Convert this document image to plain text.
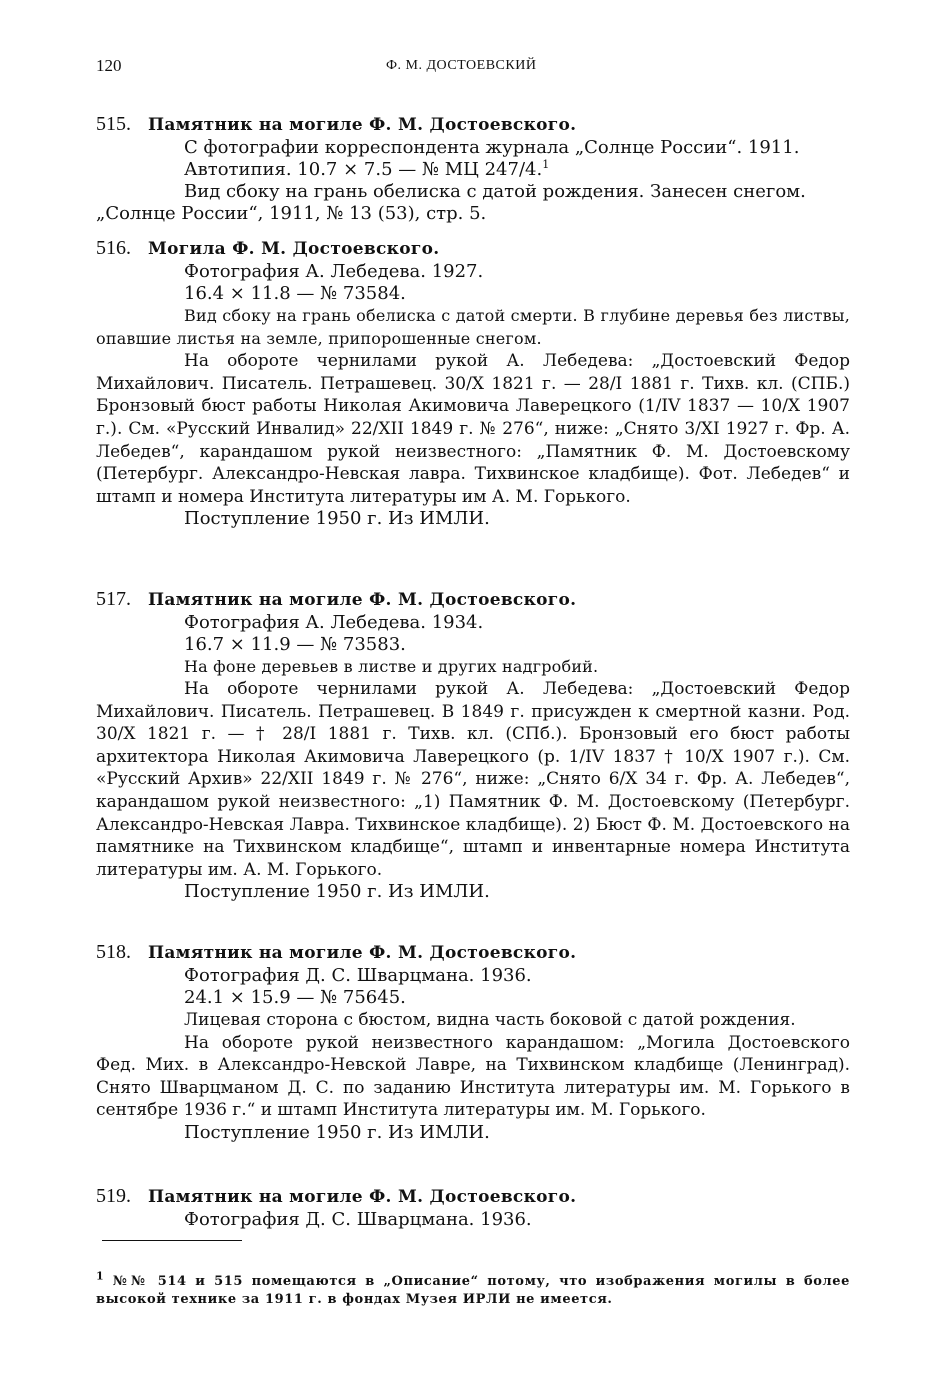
120	Ф. М. ДОСТОЕВСКИЙ
515. Памятник на могиле Ф. М. Достоевского.
С фотографии корреспондента журнала „Солнце России“. 1911.
Автотипия. 10.7 × 7.5 — № МЦ 247/4.$^1$
Вид сбоку на грань обелиска с датой рождения. Занесен снегом.
„Солнце России“, 1911, № 13 (53), стр. 5.
516. Могила Ф. М. Достоевского.
Фотография А. Лебедева. 1927.
16.4 × 11.8 — № 73584.

Вид сбоку на грань обелиска с датой смерти. В глубине деревья без листвы, опавшие листья на земле, припорошенные снегом.

На обороте чернилами рукой А. Лебедева: „Достоевский Федор Михайлович. Писатель. Петрашевец. 30/X 1821 г. — 28/I 1881 г. Тихв. кл. (СПБ.) Бронзовый бюст работы Николая Акимовича Лаверецкого (1/IV 1837 — 10/X 1907 г.). См. «Русский Инвалид» 22/XII 1849 г. № 276“, ниже: „Снято 3/XI 1927 г. Фр. А. Лебедев“, карандашом рукой неизвестного: „Памятник Ф. М. Достоевскому (Петербург. Александро-Невская лавра. Тихвинское кладбище). Фот. Лебедев“ и штамп и номера Института литературы им А. М. Горького.

Поступление 1950 г. Из ИМЛИ.
517. Памятник на могиле Ф. М. Достоевского.
Фотография А. Лебедева. 1934.
16.7 × 11.9 — № 73583.
На фоне деревьев в листве и других надгробий.

На обороте чернилами рукой А. Лебедева: „Достоевский Федор Михайлович. Писатель. Петрашевец. В 1849 г. присужден к смертной казни. Род. 30/X 1821 г. — † 28/I 1881 г. Тихв. кл. (СПб.). Бронзовый его бюст работы архитектора Николая Акимовича Лаверецкого (р. 1/IV 1837 † 10/X 1907 г.). См. «Русский Архив» 22/XII 1849 г. № 276“, ниже: „Снято 6/X 34 г. Фр. А. Лебедев“, карандашом рукой неизвестного: „1) Памятник Ф. М. Достоевскому (Петербург. Александро-Невская Лавра. Тихвинское кладбище). 2) Бюст Ф. М. Достоевского на памятнике на Тихвинском кладбище“, штамп и инвентарные номера Института литературы им. А. М. Горького.

Поступление 1950 г. Из ИМЛИ.
518. Памятник на могиле Ф. М. Достоевского.
Фотография Д. С. Шварцмана. 1936.
24.1 × 15.9 — № 75645.

Лицевая сторона с бюстом, видна часть боковой с датой рождения.

На обороте рукой неизвестного карандашом: „Могила Достоевского Фед. Мих. в Александро-Невской Лавре, на Тихвинском кладбище (Ленинград). Снято Шварцманом Д. С. по заданию Института литературы им. М. Горького в сентябре 1936 г.“ и штамп Института литературы им. М. Горького.

Поступление 1950 г. Из ИМЛИ.
519. Памятник на могиле Ф. М. Достоевского.
Фотография Д. С. Шварцмана. 1936.

$^1$ №№ 514 и 515 помещаются в „Описание“ потому, что изображения могилы в более высокой технике за 1911 г. в фондах Музея ИРЛИ не имеется.
